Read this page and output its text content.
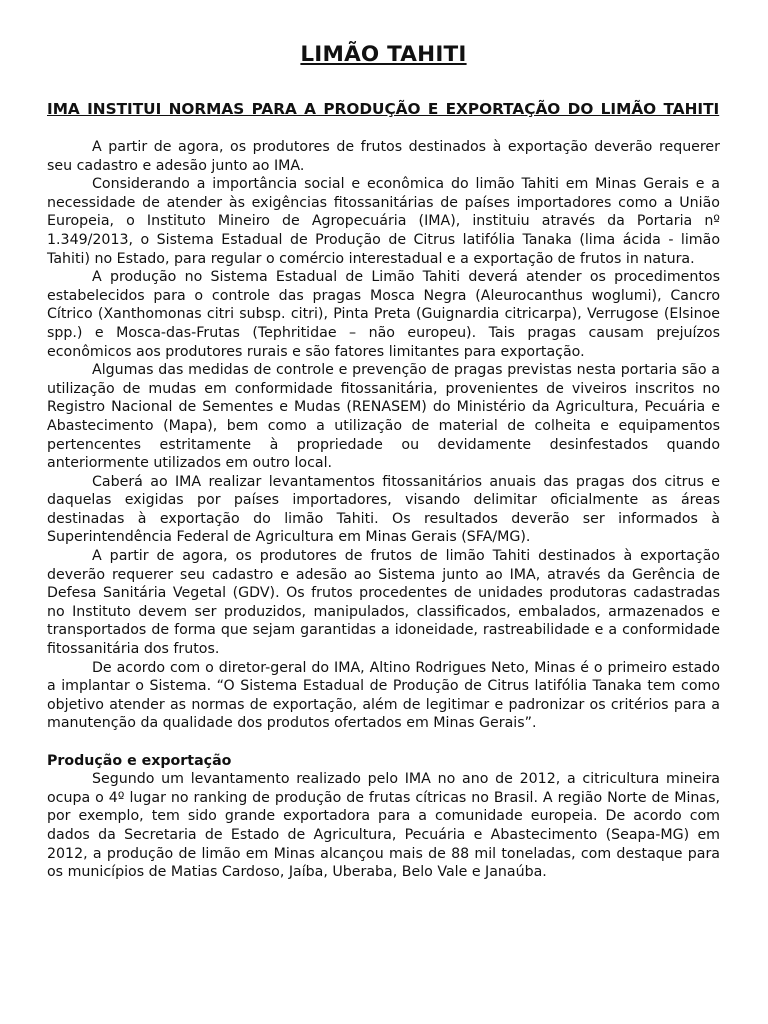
LIMÃO TAHITI
IMA INSTITUI NORMAS PARA A PRODUÇÃO E EXPORTAÇÃO DO LIMÃO TAHITI

A partir de agora, os produtores de frutos destinados à exportação deverão requerer seu cadastro e adesão junto ao IMA.

Considerando a importância social e econômica do limão Tahiti em Minas Gerais e a necessidade de atender às exigências fitossanitárias de países importadores como a União Europeia, o Instituto Mineiro de Agropecuária (IMA), instituiu através da Portaria nº 1.349/2013, o Sistema Estadual de Produção de Citrus latifólia Tanaka (lima ácida - limão Tahiti) no Estado, para regular o comércio interestadual e a exportação de frutos in natura.

A produção no Sistema Estadual de Limão Tahiti deverá atender os procedimentos estabelecidos para o controle das pragas Mosca Negra (Aleurocanthus woglumi), Cancro Cítrico (Xanthomonas citri subsp. citri), Pinta Preta (Guignardia citricarpa), Verrugose (Elsinoe spp.) e Mosca-das-Frutas (Tephritidae – não europeu). Tais pragas causam prejuízos econômicos aos produtores rurais e são fatores limitantes para exportação.

Algumas das medidas de controle e prevenção de pragas previstas nesta portaria são a utilização de mudas em conformidade fitossanitária, provenientes de viveiros inscritos no Registro Nacional de Sementes e Mudas (RENASEM) do Ministério da Agricultura, Pecuária e Abastecimento (Mapa), bem como a utilização de material de colheita e equipamentos pertencentes estritamente à propriedade ou devidamente desinfestados quando anteriormente utilizados em outro local.

Caberá ao IMA realizar levantamentos fitossanitários anuais das pragas dos citrus e daquelas exigidas por países importadores, visando delimitar oficialmente as áreas destinadas à exportação do limão Tahiti. Os resultados deverão ser informados à Superintendência Federal de Agricultura em Minas Gerais (SFA/MG).

A partir de agora, os produtores de frutos de limão Tahiti destinados à exportação deverão requerer seu cadastro e adesão ao Sistema junto ao IMA, através da Gerência de Defesa Sanitária Vegetal (GDV). Os frutos procedentes de unidades produtoras cadastradas no Instituto devem ser produzidos, manipulados, classificados, embalados, armazenados e transportados de forma que sejam garantidas a idoneidade, rastreabilidade e a conformidade fitossanitária dos frutos.

De acordo com o diretor-geral do IMA, Altino Rodrigues Neto, Minas é o primeiro estado a implantar o Sistema. “O Sistema Estadual de Produção de Citrus latifólia Tanaka tem como objetivo atender as normas de exportação, além de legitimar e padronizar os critérios para a manutenção da qualidade dos produtos ofertados em Minas Gerais”.

Produção e exportação

Segundo um levantamento realizado pelo IMA no ano de 2012, a citricultura mineira ocupa o 4º lugar no ranking de produção de frutas cítricas no Brasil. A região Norte de Minas, por exemplo, tem sido grande exportadora para a comunidade europeia. De acordo com dados da Secretaria de Estado de Agricultura, Pecuária e Abastecimento (Seapa-MG) em 2012, a produção de limão em Minas alcançou mais de 88 mil toneladas, com destaque para os municípios de Matias Cardoso, Jaíba, Uberaba, Belo Vale e Janaúba.
